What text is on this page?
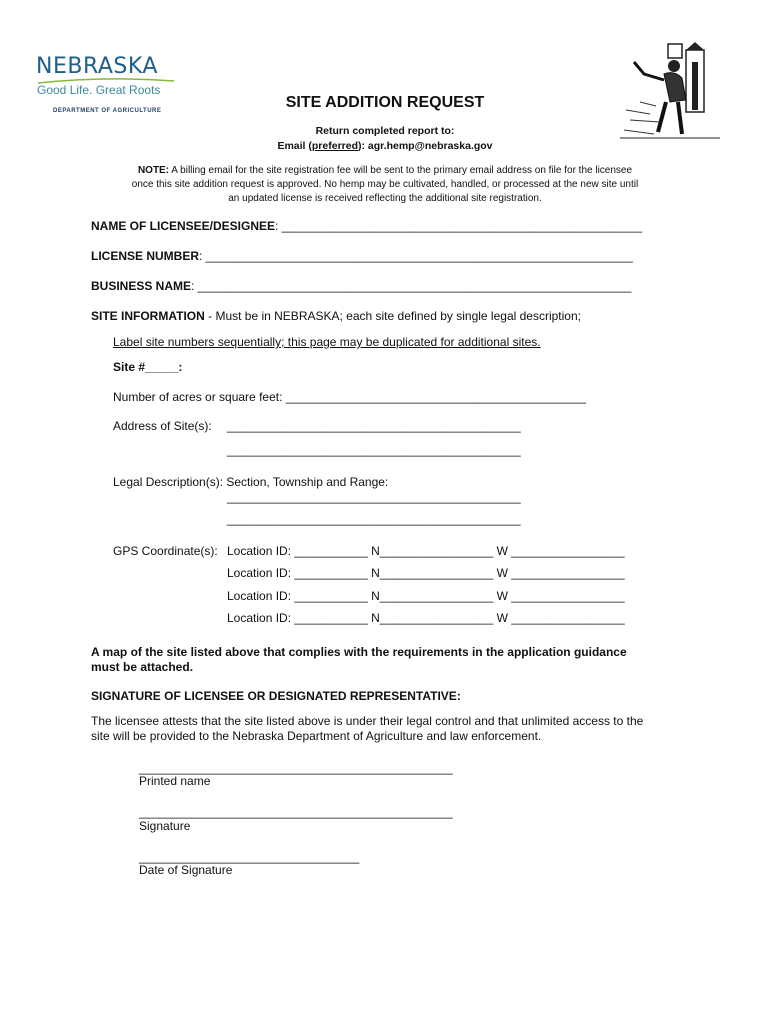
NEBRASKA
Good Life. Great Roots
DEPARTMENT OF AGRICULTURE	SITE ADDITION REQUEST
Return completed report to:
Email (preferred): agr.hemp@nebraska.gov
NOTE: A billing email for the site registration fee will be sent to the primary email address on file for the licensee
once this site addition request is approved. No hemp may be cultivated, handled, or processed at the new site until
an updated license is received reflecting the additional site registration.
NAME OF LICENSEE/DESIGNEE: ______________________________________________________
LICENSE NUMBER: ________________________________________________________________
BUSINESS NAME: _________________________________________________________________
SITE INFORMATION - Must be in NEBRASKA; each site defined by single legal description;
Label site numbers sequentially; this page may be duplicated for additional sites.
Site #_____:
Number of acres or square feet: _____________________________________________
Address of Site(s): ____________________________________________
____________________________________________
Legal Description(s): Section, Township and Range:
____________________________________________
____________________________________________
GPS Coordinate(s): Location ID: ___________ N_________________ W _________________
Location ID: ___________ N_________________ W _________________
Location ID: ___________ N_________________ W _________________
Location ID: ___________ N_________________ W _________________
A map of the site listed above that complies with the requirements in the application guidance
must be attached.
SIGNATURE OF LICENSEE OR DESIGNATED REPRESENTATIVE:
The licensee attests that the site listed above is under their legal control and that unlimited access to the
site will be provided to the Nebraska Department of Agriculture and law enforcement.
_______________________________________________
Printed name
_______________________________________________
Signature
_________________________________
Date of Signature
